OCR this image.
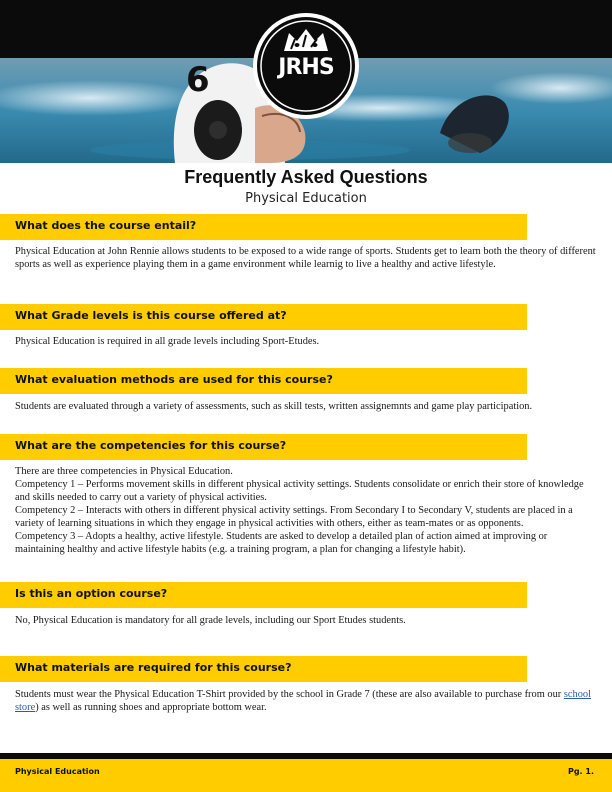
6	JRHS
Frequently Asked Questions
Physical Education
What does the course entail?

Physical Education at John Rennie allows students to be exposed to a wide range of sports. Students get to learn both the theory of different sports as well as experience playing them in a game environment while learnig to live a healthy and active lifestyle.

What Grade levels is this course offered at?

Physical Education is required in all grade levels including Sport-Etudes.

What evaluation methods are used for this course?

Students are evaluated through a variety of assessments, such as skill tests, written assignemnts and game play participation.

What are the competencies for this course?

There are three competencies in Physical Education.

Competency 1 – Performs movement skills in different physical activity settings. Students consolidate or enrich their store of knowledge and skills needed to carry out a variety of physical activities.

Competency 2 – Interacts with others in different physical activity settings. From Secondary I to Secondary V, students are placed in a variety of learning situations in which they engage in physical activities with others, either as team-mates or as opponents.

Competency 3 – Adopts a healthy, active lifestyle. Students are asked to develop a detailed plan of action aimed at improving or maintaining healthy and active lifestyle habits (e.g. a training program, a plan for changing a lifestyle habit).

Is this an option course?

No, Physical Education is mandatory for all grade levels, including our Sport Etudes students.

What materials are required for this course?

Students must wear the Physical Education T-Shirt provided by the school in Grade 7 (these are also available to purchase from our school store) as well as running shoes and appropriate bottom wear.

Physical Education	Pg. 1.
